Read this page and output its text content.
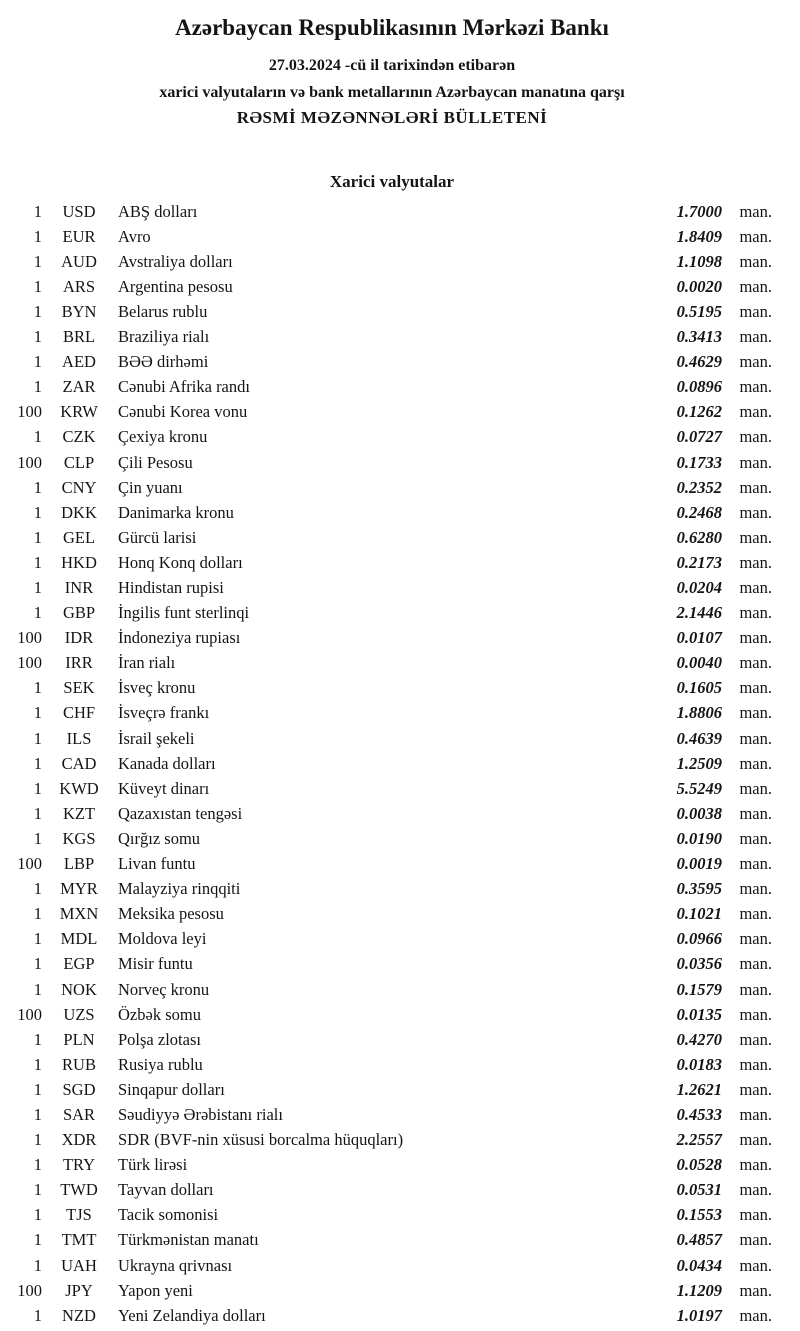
Azərbaycan Respublikasının Mərkəzi Bankı
27.03.2024 -cü il tarixindən etibarən
xarici valyutaların və bank metallarının Azərbaycan manatına qarşı
RƏSMİ MƏZƏNNƏLƏRİ BÜLLETENİ
Xarici valyutalar
1	USD	ABŞ dolları	1.7000	man.
1	EUR	Avro	1.8409	man.
1	AUD	Avstraliya dolları	1.1098	man.
1	ARS	Argentina pesosu	0.0020	man.
1	BYN	Belarus rublu	0.5195	man.
1	BRL	Braziliya rialı	0.3413	man.
1	AED	BƏƏ dirhəmi	0.4629	man.
1	ZAR	Cənubi Afrika randı	0.0896	man.
100	KRW	Cənubi Korea vonu	0.1262	man.
1	CZK	Çexiya kronu	0.0727	man.
100	CLP	Çili Pesosu	0.1733	man.
1	CNY	Çin yuanı	0.2352	man.
1	DKK	Danimarka kronu	0.2468	man.
1	GEL	Gürcü larisi	0.6280	man.
1	HKD	Honq Konq dolları	0.2173	man.
1	INR	Hindistan rupisi	0.0204	man.
1	GBP	İngilis funt sterlinqi	2.1446	man.
100	IDR	İndoneziya rupiası	0.0107	man.
100	IRR	İran rialı	0.0040	man.
1	SEK	İsveç kronu	0.1605	man.
1	CHF	İsveçrə frankı	1.8806	man.
1	ILS	İsrail şekeli	0.4639	man.
1	CAD	Kanada dolları	1.2509	man.
1	KWD	Küveyt dinarı	5.5249	man.
1	KZT	Qazaxıstan tengəsi	0.0038	man.
1	KGS	Qırğız somu	0.0190	man.
100	LBP	Livan funtu	0.0019	man.
1	MYR	Malayziya rinqqiti	0.3595	man.
1	MXN	Meksika pesosu	0.1021	man.
1	MDL	Moldova leyi	0.0966	man.
1	EGP	Misir funtu	0.0356	man.
1	NOK	Norveç kronu	0.1579	man.
100	UZS	Özbək somu	0.0135	man.
1	PLN	Polşa zlotası	0.4270	man.
1	RUB	Rusiya rublu	0.0183	man.
1	SGD	Sinqapur dolları	1.2621	man.
1	SAR	Səudiyyə Ərəbistanı rialı	0.4533	man.
1	XDR	SDR (BVF-nin xüsusi borcalma hüquqları)	2.2557	man.
1	TRY	Türk lirəsi	0.0528	man.
1	TWD	Tayvan dolları	0.0531	man.
1	TJS	Tacik somonisi	0.1553	man.
1	TMT	Türkmənistan manatı	0.4857	man.
1	UAH	Ukrayna qrivnası	0.0434	man.
100	JPY	Yapon yeni	1.1209	man.
1	NZD	Yeni Zelandiya dolları	1.0197	man.
